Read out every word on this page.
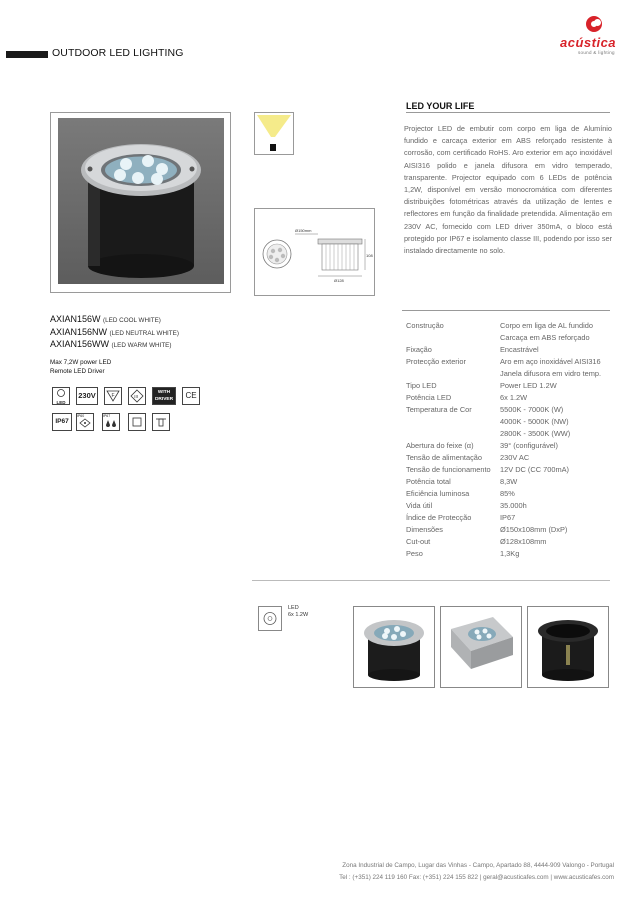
OUTDOOR LED LIGHTING
acústica
sound & lighting
Ø150mm
108
Ø128
LED YOUR LIFE
Projector LED de embutir com corpo em liga de Alumínio fundido e carcaça exterior em ABS reforçado resistente à corrosão, com certificado RoHS. Aro exterior em aço inoxidável AISI316 polido e janela difusora em vidro temperado, transparente. Projector equipado com 6 LEDs de potência 1,2W, disponível em versão monocromática com diferentes distribuições fotométricas através da utilização de lentes e reflectores em função da finalidade pretendida. Alimentação em 230V AC, fornecido com LED driver 350mA, o bloco está protegido por IP67 e isolamento classe III, podendo por isso ser instalado directamente no solo.
AXIAN156W (LED COOL WHITE)
AXIAN156NW (LED NEUTRAL WHITE)
AXIAN156WW (LED WARM WHITE)
Max 7,2W power LED
Remote LED Driver
LED
230V	F	III
WITH
DRIVER	CE
IP67
IP60	IP67
Construção	Corpo em liga de AL fundido
	Carcaça em ABS reforçado
Fixação	Encastrável
Protecção exterior	Aro em aço inoxidável AISI316
	Janela difusora em vidro temp.
Tipo LED	Power LED 1.2W
Potência LED	6x 1.2W
Temperatura de Cor	5500K - 7000K (W)
	4000K - 5000K (NW)
	2800K - 3500K (WW)
Abertura do feixe (α)	39° (configurável)
Tensão de alimentação	230V AC
Tensão de funcionamento	12V DC (CC 700mA)
Potência total	8,3W
Eficiência luminosa	85%
Vida útil	35.000h
Índice de Protecção	IP67
Dimensões	Ø150x108mm (DxP)
Cut-out	Ø128x108mm
Peso	1,3Kg
LED
6x 1.2W
Zona Industrial de Campo, Lugar das Vinhas - Campo, Apartado 88, 4444-909 Valongo - Portugal
Tel : (+351) 224 119 160 Fax: (+351) 224 155 822 | geral@acusticafes.com | www.acusticafes.com
